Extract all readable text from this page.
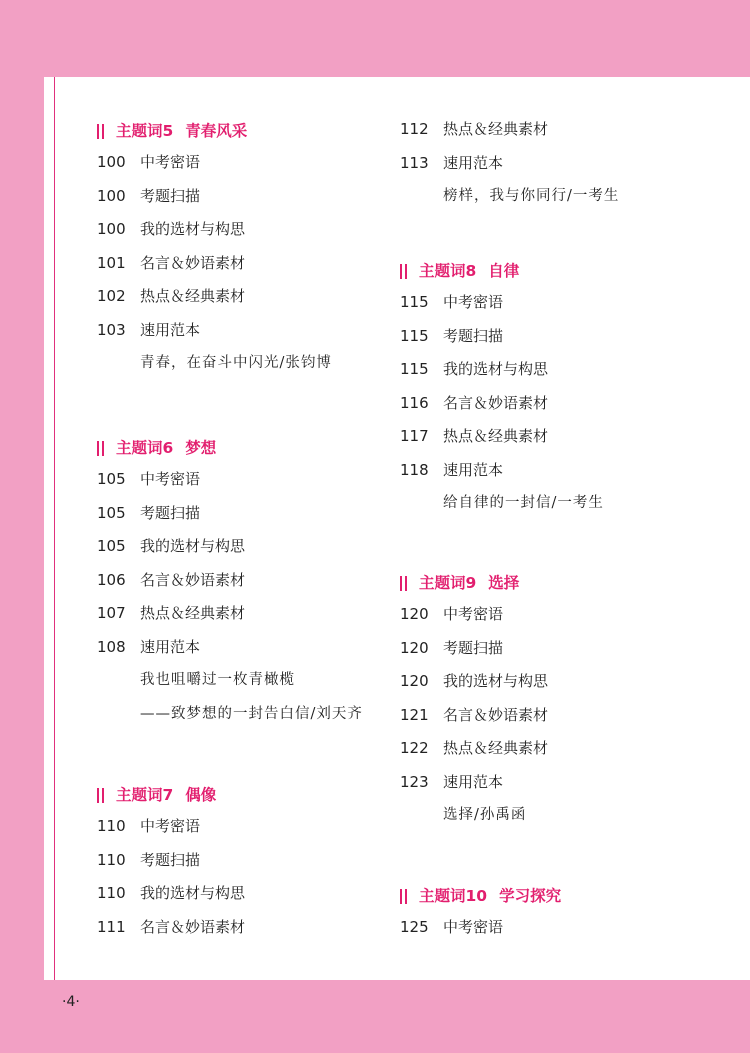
主题词5 青春风采
100 中考密语
100 考题扫描
100 我的选材与构思
101 名言＆妙语素材
102 热点＆经典素材
103 速用范本
青春，在奋斗中闪光/张钧博
主题词6 梦想
105 中考密语
105 考题扫描
105 我的选材与构思
106 名言＆妙语素材
107 热点＆经典素材
108 速用范本
我也咀嚼过一枚青橄榄
——致梦想的一封告白信/刘天齐
主题词7 偶像
110 中考密语
110 考题扫描
110 我的选材与构思
111 名言＆妙语素材
112 热点＆经典素材
113 速用范本
榜样，我与你同行/一考生
主题词8 自律
115 中考密语
115 考题扫描
115 我的选材与构思
116 名言＆妙语素材
117 热点＆经典素材
118 速用范本
给自律的一封信/一考生
主题词9 选择
120 中考密语
120 考题扫描
120 我的选材与构思
121 名言＆妙语素材
122 热点＆经典素材
123 速用范本
选择/孙禹函
主题词10 学习探究
125 中考密语
·4·
